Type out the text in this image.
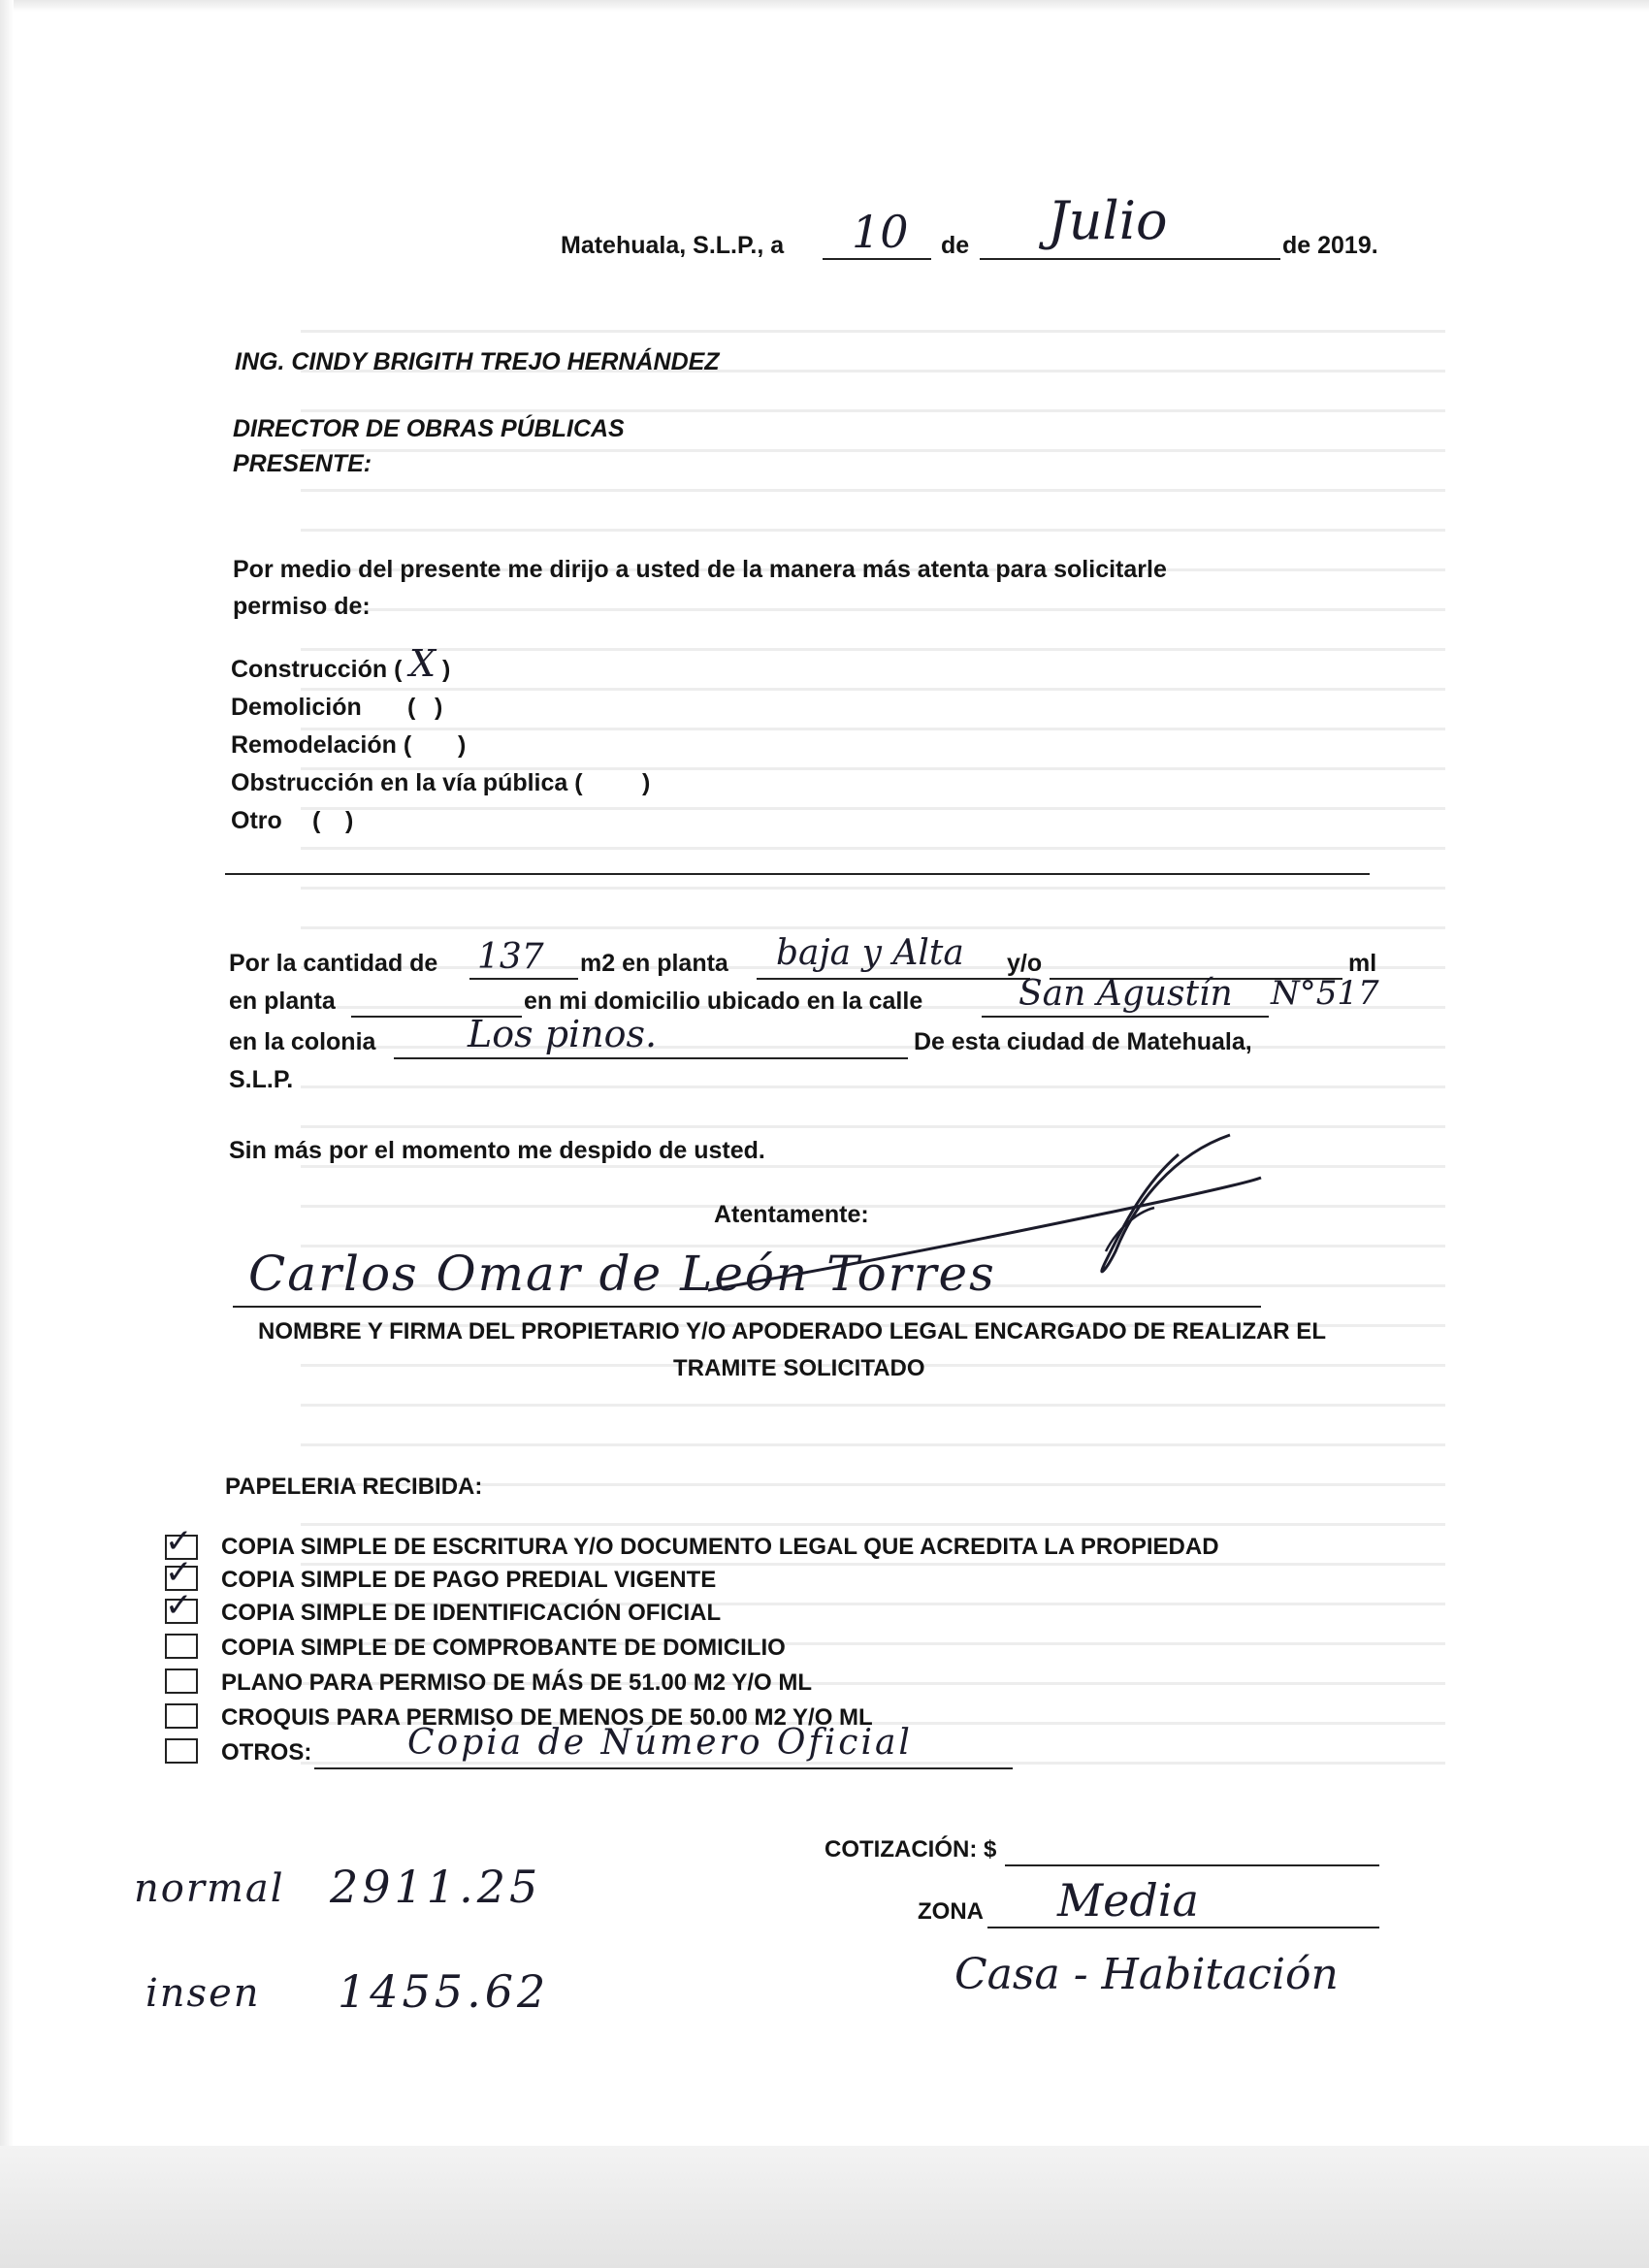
Matehuala, S.L.P., a 10 de Julio	de 2019.
ING. CINDY BRIGITH TREJO HERNÁNDEZ
DIRECTOR DE OBRAS PÚBLICAS
PRESENTE:
Por medio del presente me dirijo a usted de la manera más atenta para solicitarle
permiso de:
Construcción ( X )
Demolición ( )
Remodelación ( )
Obstrucción en la vía pública ( )
Otro ( )
Por la cantidad de 137 m2 en planta baja y Alta y/o	ml
en planta	en mi domicilio ubicado en la calle	San Agustín N°517
en la colonia Los pinos.	De esta ciudad de Matehuala,
S.L.P.
Sin más por el momento me despido de usted.
Atentamente:
Carlos Omar de León Torres
NOMBRE Y FIRMA DEL PROPIETARIO Y/O APODERADO LEGAL ENCARGADO DE REALIZAR EL
TRAMITE SOLICITADO
PAPELERIA RECIBIDA:
✓ COPIA SIMPLE DE ESCRITURA Y/O DOCUMENTO LEGAL QUE ACREDITA LA PROPIEDAD
✓ COPIA SIMPLE DE PAGO PREDIAL VIGENTE
✓ COPIA SIMPLE DE IDENTIFICACIÓN OFICIAL
COPIA SIMPLE DE COMPROBANTE DE DOMICILIO
PLANO PARA PERMISO DE MÁS DE 51.00 M2 Y/O ML
CROQUIS PARA PERMISO DE MENOS DE 50.00 M2 Y/O ML
OTROS:	Copia de Número Oficial
COTIZACIÓN: $
ZONA Media
Casa - Habitación
normal 2911.25
insen 1455.62
